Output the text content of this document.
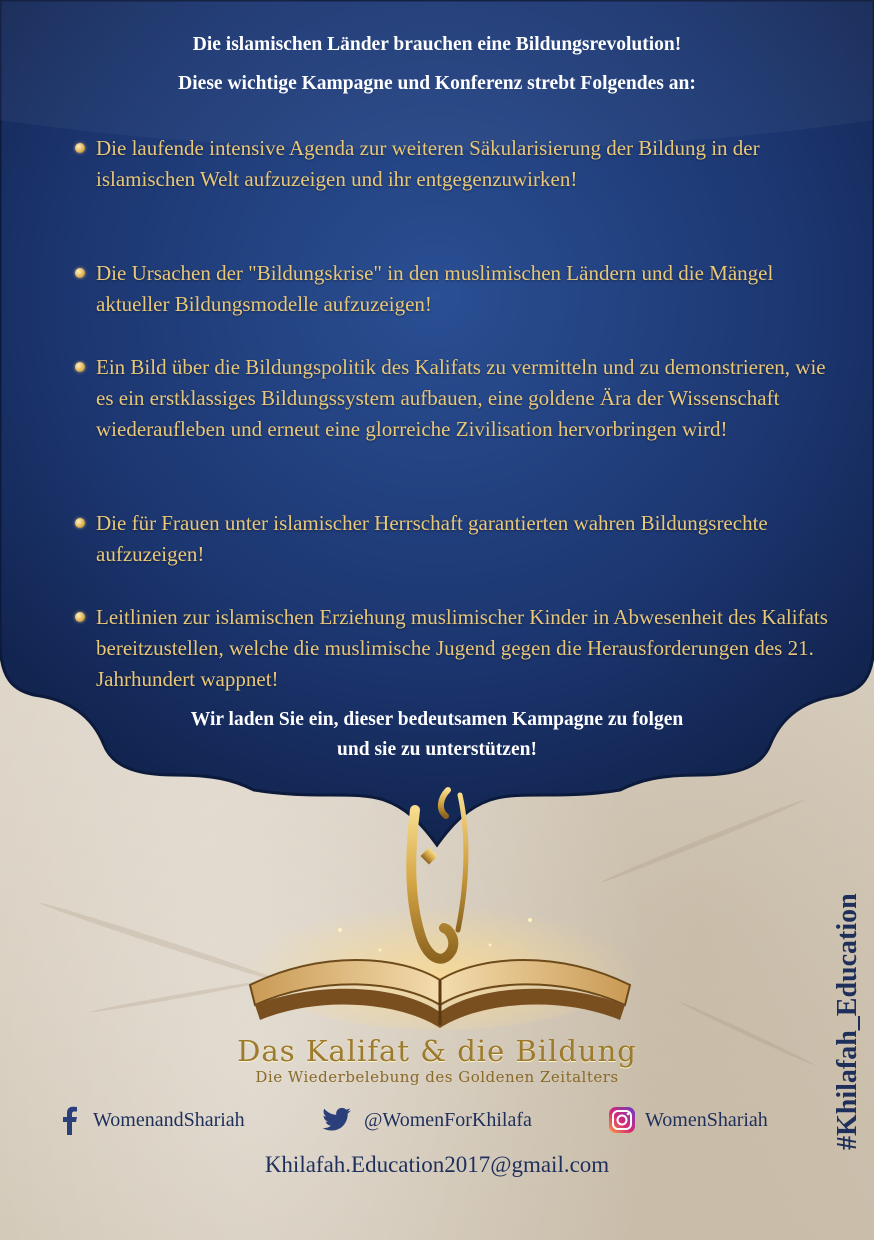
Die islamischen Länder brauchen eine Bildungsrevolution!
Diese wichtige Kampagne und Konferenz strebt Folgendes an:
Die laufende intensive Agenda zur weiteren Säkularisierung der Bildung in der islamischen Welt aufzuzeigen und ihr entgegenzuwirken!
Die Ursachen der "Bildungskrise" in den muslimischen Ländern und die Mängel aktueller Bildungsmodelle aufzuzeigen!
Ein Bild über die Bildungspolitik des Kalifats zu vermitteln und zu demonstrieren, wie es ein erstklassiges Bildungssystem aufbauen, eine goldene Ära der Wissenschaft wiederaufleben und erneut eine glorreiche Zivilisation hervorbringen wird!
Die für Frauen unter islamischer Herrschaft garantierten wahren Bildungsrechte aufzuzeigen!
Leitlinien zur islamischen Erziehung muslimischer Kinder in Abwesenheit des Kalifats bereitzustellen, welche die muslimische Jugend gegen die Herausforderungen des 21. Jahrhundert wappnet!
Wir laden Sie ein, dieser bedeutsamen Kampagne zu folgen
und sie zu unterstützen!
Das Kalifat & die Bildung
Die Wiederbelebung des Goldenen Zeitalters
WomenandShariah	@WomenForKhilafa	WomenShariah
Khilafah.Education2017@gmail.com
#Khilafah_Education
